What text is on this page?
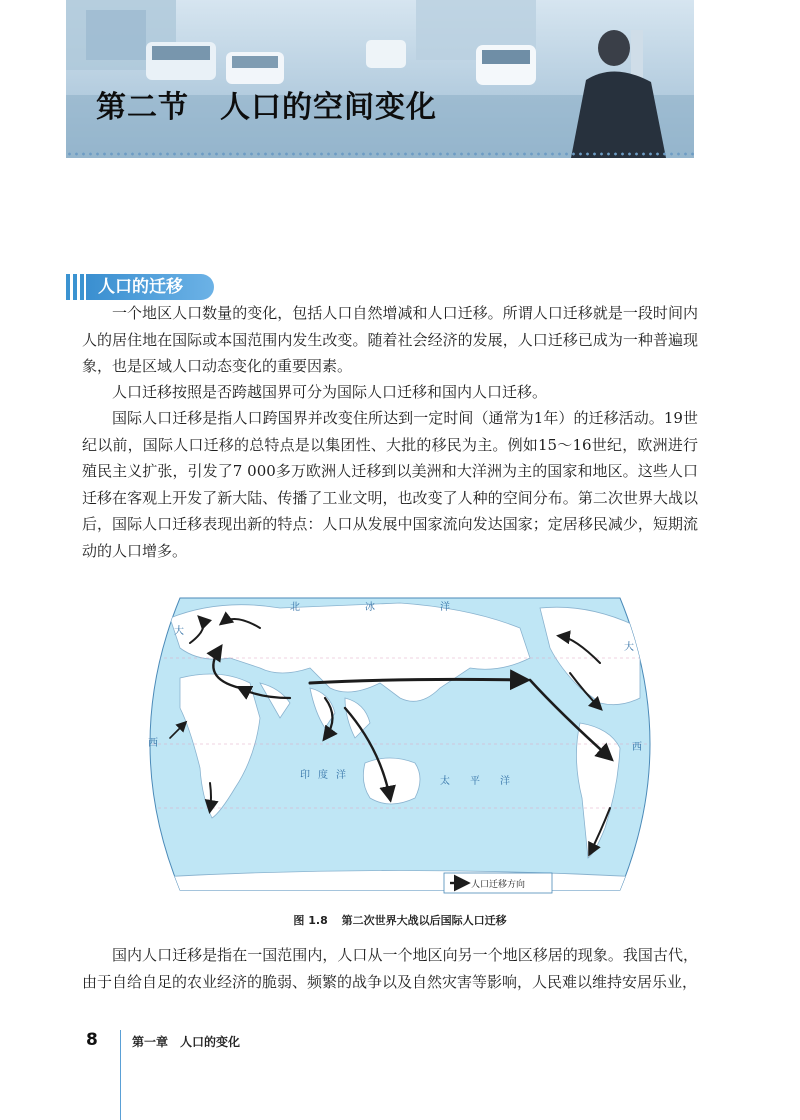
第二节　人口的空间变化
人口的迁移

一个地区人口数量的变化，包括人口自然增减和人口迁移。所谓人口迁移就是一段时间内人的居住地在国际或本国范围内发生改变。随着社会经济的发展，人口迁移已成为一种普遍现象，也是区域人口动态变化的重要因素。

人口迁移按照是否跨越国界可分为国际人口迁移和国内人口迁移。

国际人口迁移是指人口跨国界并改变住所达到一定时间（通常为1年）的迁移活动。19世纪以前，国际人口迁移的总特点是以集团性、大批的移民为主。例如15～16世纪，欧洲进行殖民主义扩张，引发了7 000多万欧洲人迁移到以美洲和大洋洲为主的国家和地区。这些人口迁移在客观上开发了新大陆、传播了工业文明，也改变了人种的空间分布。第二次世界大战以后，国际人口迁移表现出新的特点：人口从发展中国家流向发达国家；定居移民减少，短期流动的人口增多。

北	冰	洋
印 度 洋
太 平 洋
西	西
大
大
人口迁移方向

图 1.8 第二次世界大战以后国际人口迁移

国内人口迁移是指在一国范围内，人口从一个地区向另一个地区移居的现象。我国古代，由于自给自足的农业经济的脆弱、频繁的战争以及自然灾害等影响，人民难以维持安居乐业，

8	第一章　人口的变化
